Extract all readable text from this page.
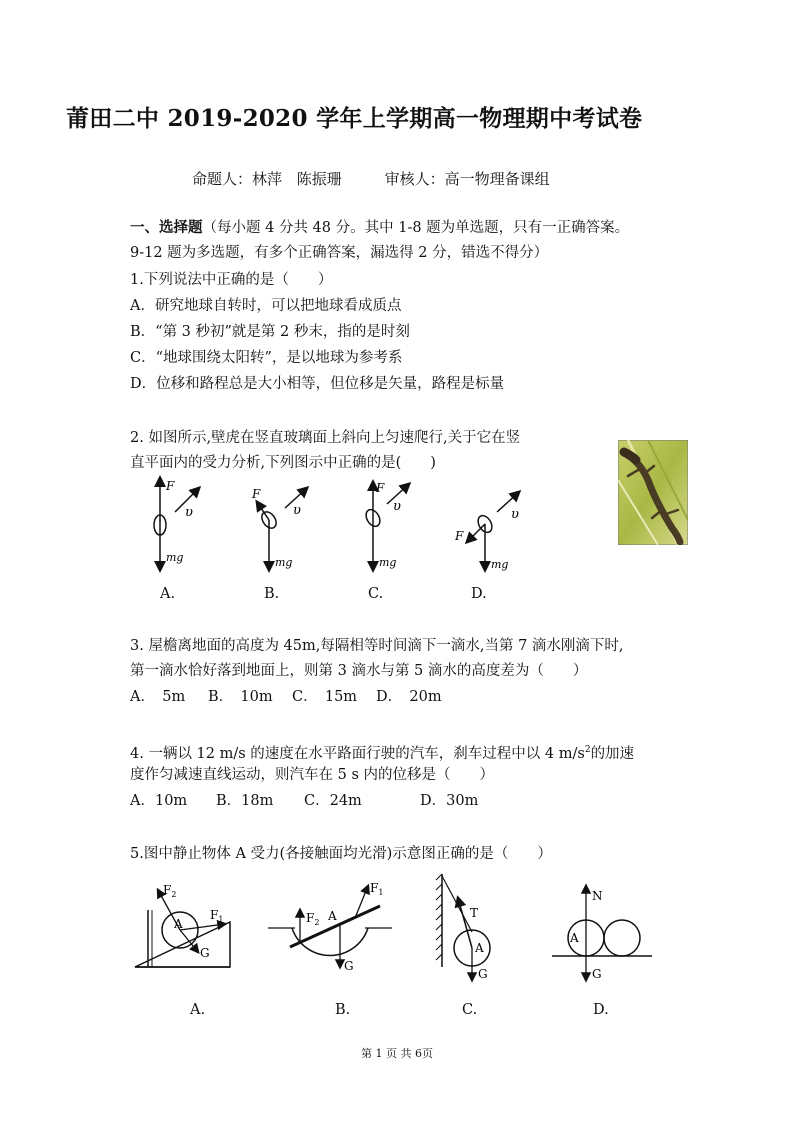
莆田二中 2019-2020 学年上学期高一物理期中考试卷
命题人：林萍 陈振珊	审核人：高一物理备课组
一、选择题（每小题 4 分共 48 分。其中 1-8 题为单选题，只有一正确答案。
9-12 题为多选题，有多个正确答案，漏选得 2 分，错选不得分）
1.下列说法中正确的是（　　）
A．研究地球自转时，可以把地球看成质点
B．“第 3 秒初”就是第 2 秒末，指的是时刻
C．“地球围绕太阳转”，是以地球为参考系
D．位移和路程总是大小相等，但位移是矢量，路程是标量
2. 如图所示,壁虎在竖直玻璃面上斜向上匀速爬行,关于它在竖
直平面内的受力分析,下列图示中正确的是(　　)
F
υ
mg
F
υ
mg
F
υ
mg
F
υ
mg
A.	B.	C.	D.
3. 屋檐离地面的高度为 45m,每隔相等时间滴下一滴水,当第 7 滴水刚滴下时,
第一滴水恰好落到地面上，则第 3 滴水与第 5 滴水的高度差为（　　）
A．　5m B．　10m C．　15m D．　20m
4. 一辆以 12 m/s 的速度在水平路面行驶的汽车，刹车过程中以 4 $m/s^2$的加速
度作匀减速直线运动，则汽车在 5 s 内的位移是（　　）
A．10m B．18m C．24m	D．30m
5.图中静止物体 A 受力(各接触面均光滑)示意图正确的是（　　）
A
$F_2$
$F_1$
G
$F_2$ A
$F_1$
G
T
A
G
N
A
G
A.	B.	C.	D.
第 1 页 共 6页
